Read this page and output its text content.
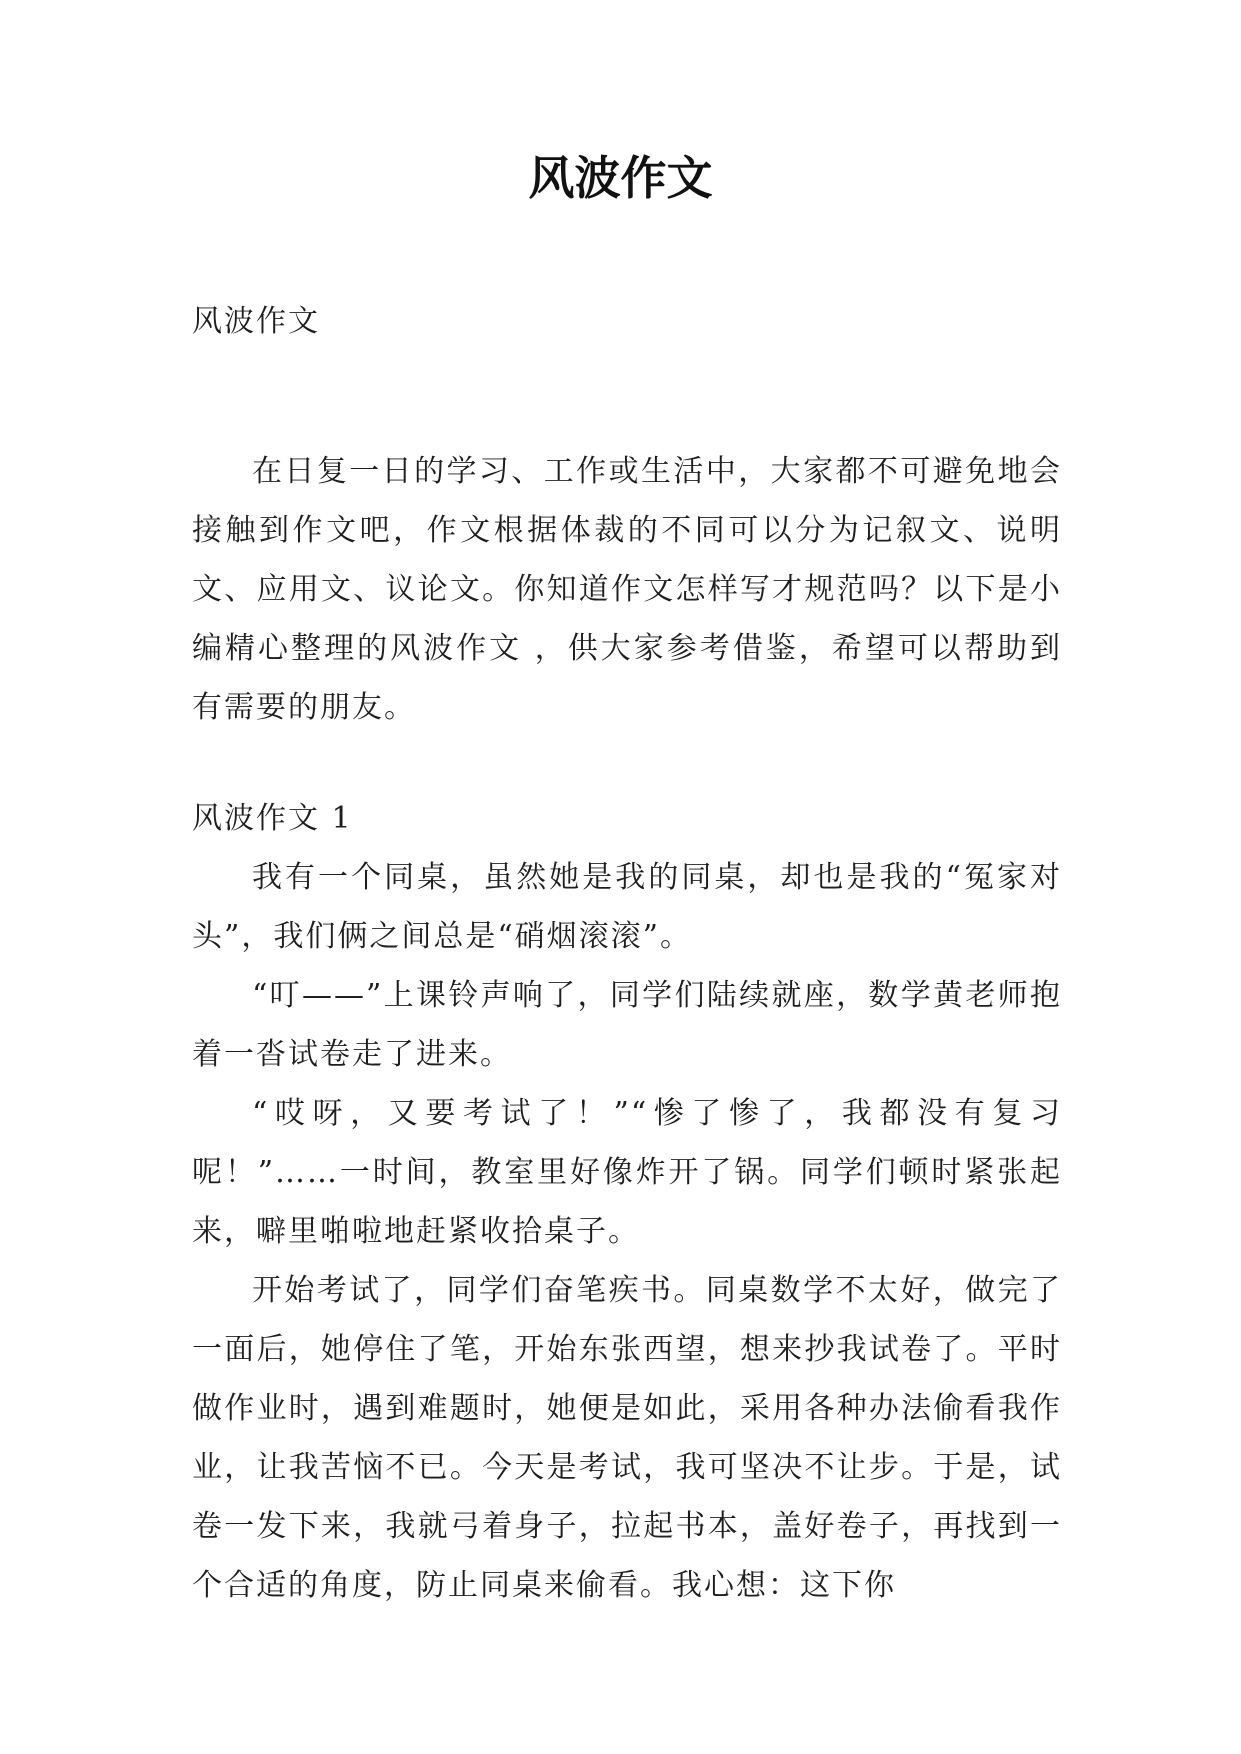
风波作文

风波作文

在日复一日的学习、工作或生活中，大家都不可避免地会接触到作文吧，作文根据体裁的不同可以分为记叙文、说明文、应用文、议论文。你知道作文怎样写才规范吗？以下是小编精心整理的风波作文 ，供大家参考借鉴，希望可以帮助到有需要的朋友。

风波作文 1

我有一个同桌，虽然她是我的同桌，却也是我的“冤家对头”，我们俩之间总是“硝烟滚滚”。

“叮——”上课铃声响了，同学们陆续就座，数学黄老师抱着一沓试卷走了进来。

“哎呀，又要考试了！”“惨了惨了，我都没有复习呢！”……一时间，教室里好像炸开了锅。同学们顿时紧张起来，噼里啪啦地赶紧收拾桌子。

开始考试了，同学们奋笔疾书。同桌数学不太好，做完了一面后，她停住了笔，开始东张西望，想来抄我试卷了。平时做作业时，遇到难题时，她便是如此，采用各种办法偷看我作业，让我苦恼不已。今天是考试，我可坚决不让步。于是，试卷一发下来，我就弓着身子，拉起书本，盖好卷子，再找到一个合适的角度，防止同桌来偷看。我心想：这下你
